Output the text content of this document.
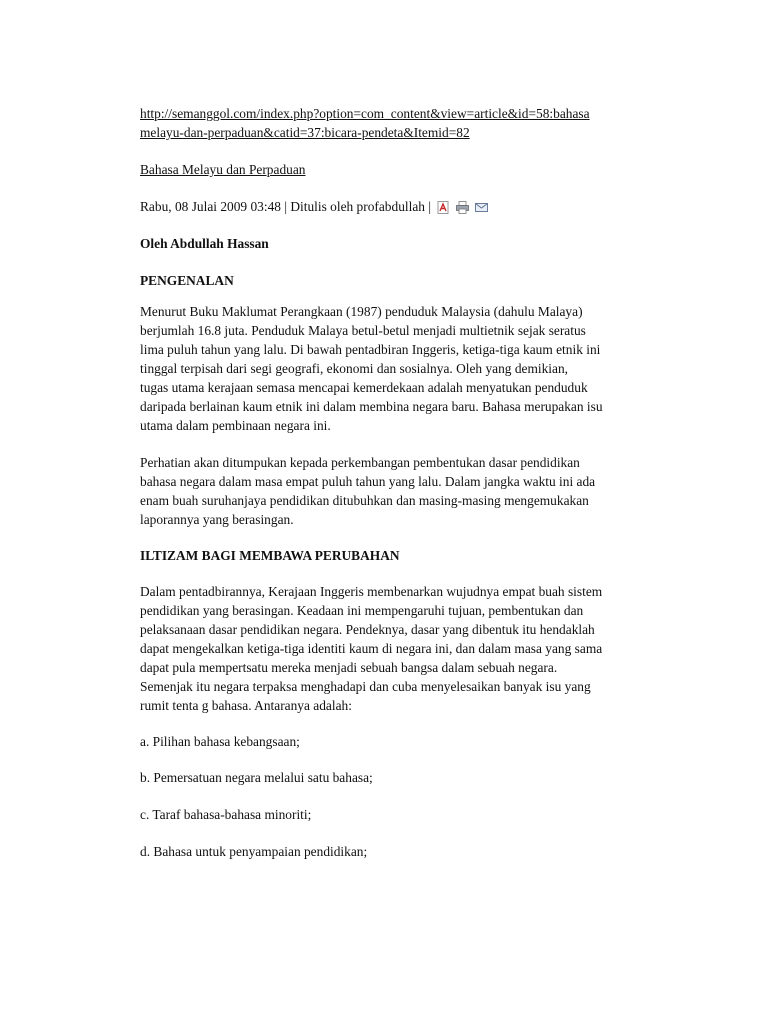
http://semanggol.com/index.php?option=com_content&view=article&id=58:bahasa
melayu-dan-perpaduan&catid=37:bicara-pendeta&Itemid=82
Bahasa Melayu dan Perpaduan
Rabu, 08 Julai 2009 03:48 | Ditulis oleh profabdullah |
Oleh Abdullah Hassan
PENGENALAN
Menurut Buku Maklumat Perangkaan (1987) penduduk Malaysia (dahulu Malaya)
berjumlah 16.8 juta. Penduduk Malaya betul-betul menjadi multietnik sejak seratus
lima puluh tahun yang lalu. Di bawah pentadbiran Inggeris, ketiga-tiga kaum etnik ini
tinggal terpisah dari segi geografi, ekonomi dan sosialnya. Oleh yang demikian,
tugas utama kerajaan semasa mencapai kemerdekaan adalah menyatukan penduduk
daripada berlainan kaum etnik ini dalam membina negara baru. Bahasa merupakan isu
utama dalam pembinaan negara ini.
Perhatian akan ditumpukan kepada perkembangan pembentukan dasar pendidikan
bahasa negara dalam masa empat puluh tahun yang lalu. Dalam jangka waktu ini ada
enam buah suruhanjaya pendidikan ditubuhkan dan masing-masing mengemukakan
laporannya yang berasingan.
ILTIZAM BAGI MEMBAWA PERUBAHAN
Dalam pentadbirannya, Kerajaan Inggeris membenarkan wujudnya empat buah sistem
pendidikan yang berasingan. Keadaan ini mempengaruhi tujuan, pembentukan dan
pelaksanaan dasar pendidikan negara. Pendeknya, dasar yang dibentuk itu hendaklah
dapat mengekalkan ketiga-tiga identiti kaum di negara ini, dan dalam masa yang sama
dapat pula mempertsatu mereka menjadi sebuah bangsa dalam sebuah negara.
Semenjak itu negara terpaksa menghadapi dan cuba menyelesaikan banyak isu yang
rumit tenta g bahasa. Antaranya adalah:
a. Pilihan bahasa kebangsaan;
b. Pemersatuan negara melalui satu bahasa;
c. Taraf bahasa-bahasa minoriti;
d. Bahasa untuk penyampaian pendidikan;
